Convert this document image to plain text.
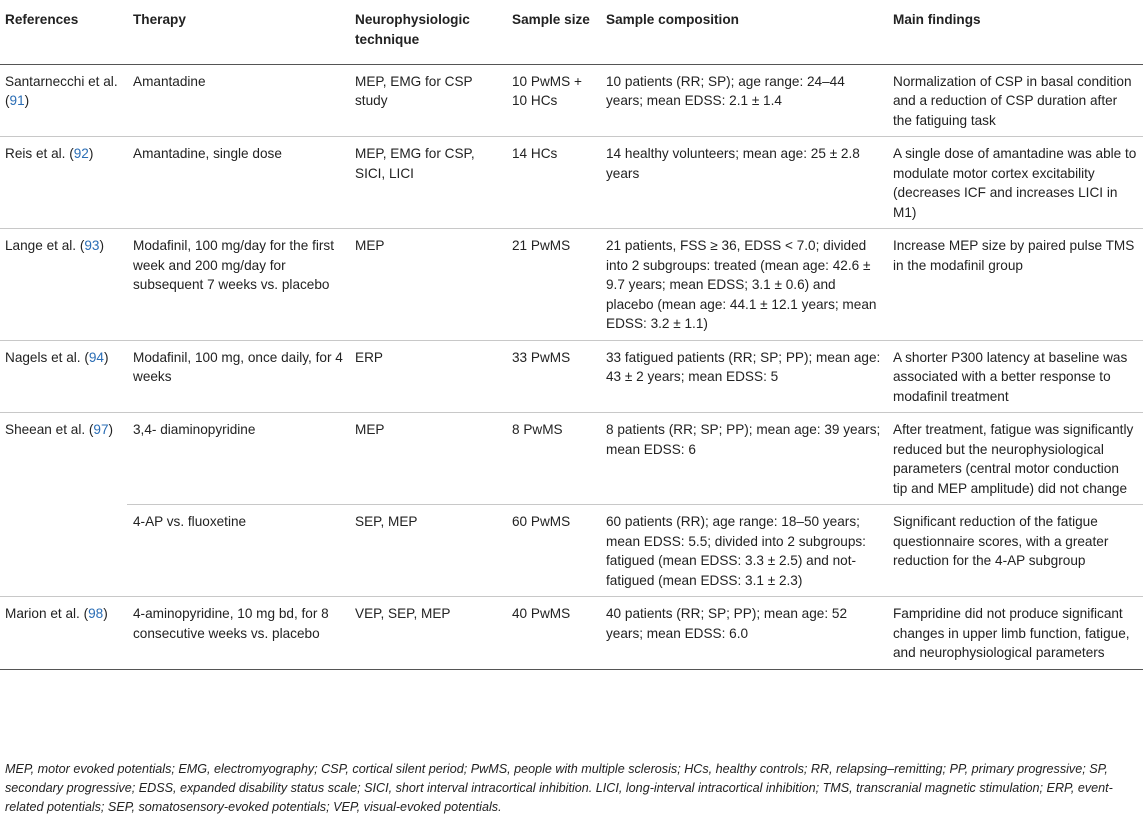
References	Therapy	Neurophysiologic technique	Sample size	Sample composition	Main findings
Santarnecchi et al. (91)	Amantadine	MEP, EMG for CSP study	10 PwMS + 10 HCs	10 patients (RR; SP); age range: 24–44 years; mean EDSS: 2.1 ± 1.4	Normalization of CSP in basal condition and a reduction of CSP duration after the fatiguing task
Reis et al. (92)	Amantadine, single dose	MEP, EMG for CSP, SICI, LICI	14 HCs	14 healthy volunteers; mean age: 25 ± 2.8 years	A single dose of amantadine was able to modulate motor cortex excitability (decreases ICF and increases LICI in M1)
Lange et al. (93)	Modafinil, 100 mg/day for the first week and 200 mg/day for subsequent 7 weeks vs. placebo	MEP	21 PwMS	21 patients, FSS ≥ 36, EDSS < 7.0; divided into 2 subgroups: treated (mean age: 42.6 ± 9.7 years; mean EDSS; 3.1 ± 0.6) and placebo (mean age: 44.1 ± 12.1 years; mean EDSS: 3.2 ± 1.1)	Increase MEP size by paired pulse TMS in the modafinil group
Nagels et al. (94)	Modafinil, 100 mg, once daily, for 4 weeks	ERP	33 PwMS	33 fatigued patients (RR; SP; PP); mean age: 43 ± 2 years; mean EDSS: 5	A shorter P300 latency at baseline was associated with a better response to modafinil treatment
Sheean et al. (97)	3,4- diaminopyridine	MEP	8 PwMS	8 patients (RR; SP; PP); mean age: 39 years; mean EDSS: 6	After treatment, fatigue was significantly reduced but the neurophysiological parameters (central motor conduction tip and MEP amplitude) did not change
	4-AP vs. fluoxetine	SEP, MEP	60 PwMS	60 patients (RR); age range: 18–50 years; mean EDSS: 5.5; divided into 2 subgroups: fatigued (mean EDSS: 3.3 ± 2.5) and not-fatigued (mean EDSS: 3.1 ± 2.3)	Significant reduction of the fatigue questionnaire scores, with a greater reduction for the 4-AP subgroup
Marion et al. (98)	4-aminopyridine, 10 mg bd, for 8 consecutive weeks vs. placebo	VEP, SEP, MEP	40 PwMS	40 patients (RR; SP; PP); mean age: 52 years; mean EDSS: 6.0	Fampridine did not produce significant changes in upper limb function, fatigue, and neurophysiological parameters
MEP, motor evoked potentials; EMG, electromyography; CSP, cortical silent period; PwMS, people with multiple sclerosis; HCs, healthy controls; RR, relapsing–remitting; PP, primary progressive; SP, secondary progressive; EDSS, expanded disability status scale; SICI, short interval intracortical inhibition. LICI, long-interval intracortical inhibition; TMS, transcranial magnetic stimulation; ERP, event-related potentials; SEP, somatosensory-evoked potentials; VEP, visual-evoked potentials.
